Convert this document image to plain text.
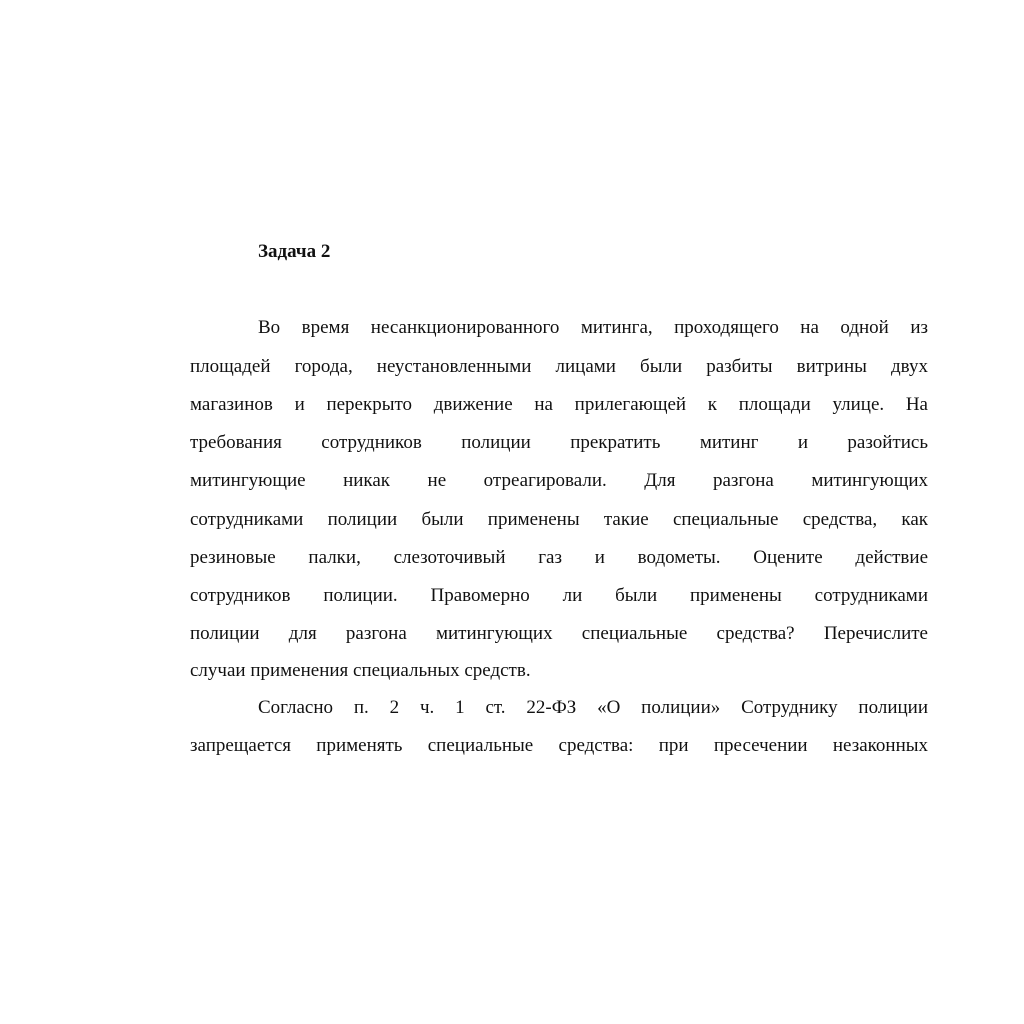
Задача 2
Во время несанкционированного митинга, проходящего на одной из
площадей города, неустановленными лицами были разбиты витрины двух
магазинов и перекрыто движение на прилегающей к площади улице. На
требования сотрудников полиции прекратить митинг и разойтись
митингующие никак не отреагировали. Для разгона митингующих
сотрудниками полиции были применены такие специальные средства, как
резиновые палки, слезоточивый газ и водометы. Оцените действие
сотрудников полиции. Правомерно ли были применены сотрудниками
полиции для разгона митингующих специальные средства? Перечислите
случаи применения специальных средств.
Согласно п. 2 ч. 1 ст. 22-ФЗ «О полиции» Сотруднику полиции
запрещается применять специальные средства: при пресечении незаконных
